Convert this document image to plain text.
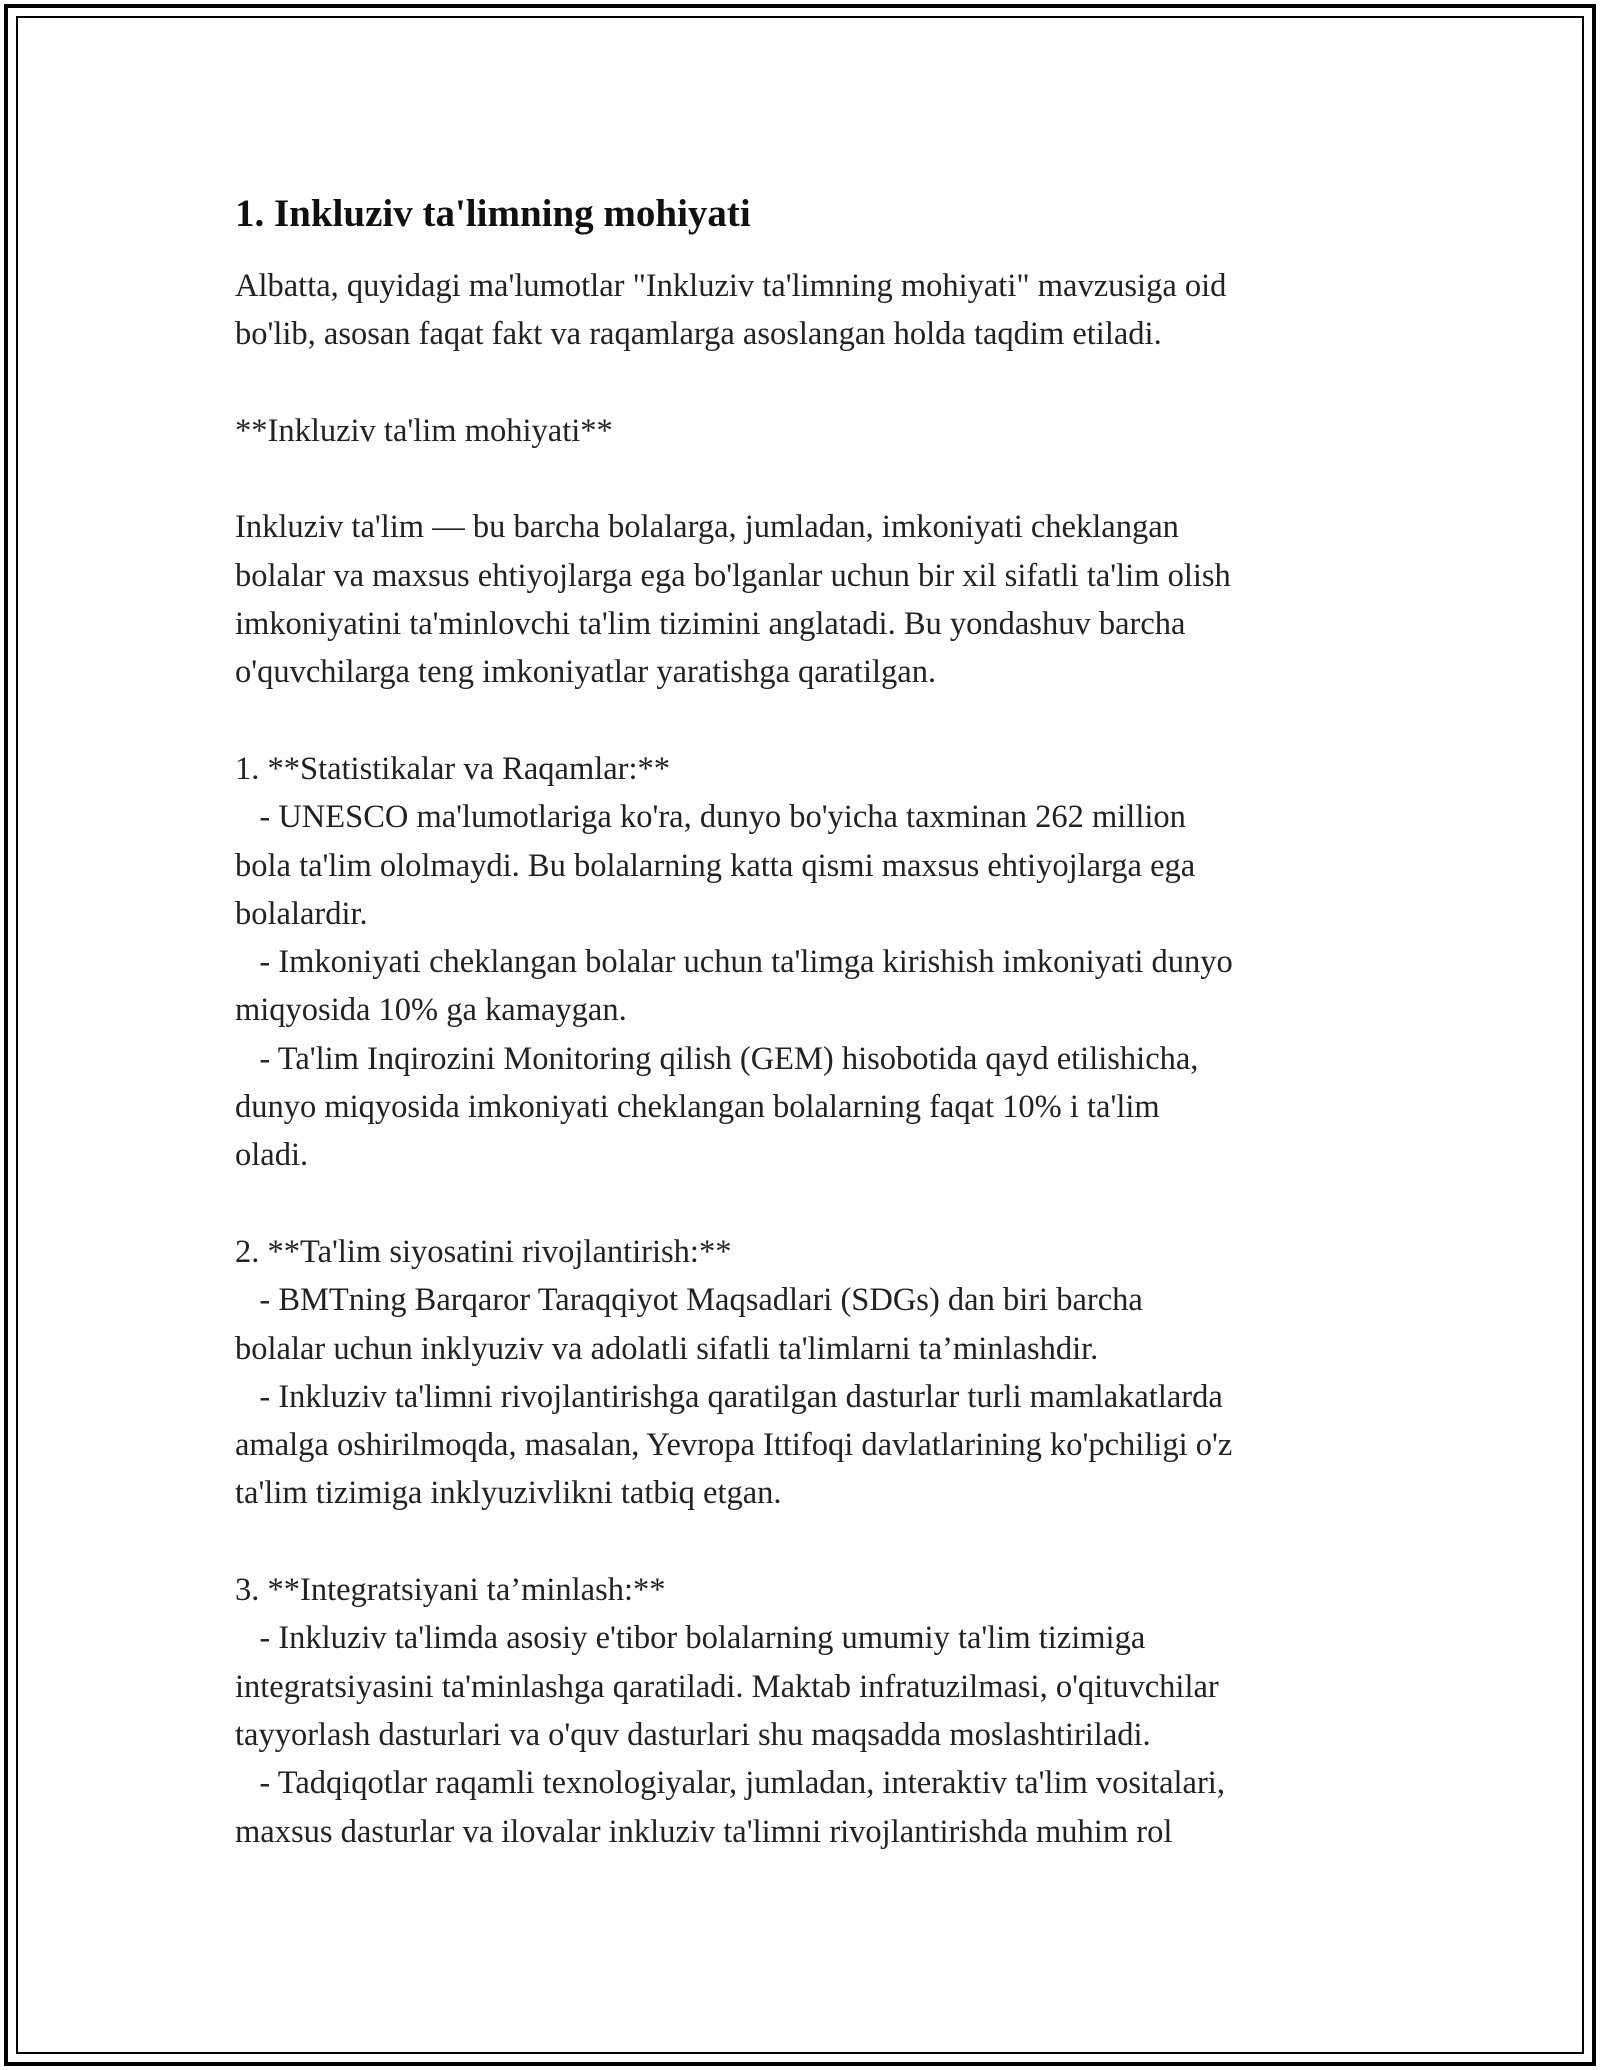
1. Inkluziv ta'limning mohiyati

Albatta, quyidagi ma'lumotlar "Inkluziv ta'limning mohiyati" mavzusiga oid
bo'lib, asosan faqat fakt va raqamlarga asoslangan holda taqdim etiladi.

**Inkluziv ta'lim mohiyati**

Inkluziv ta'lim — bu barcha bolalarga, jumladan, imkoniyati cheklangan
bolalar va maxsus ehtiyojlarga ega bo'lganlar uchun bir xil sifatli ta'lim olish
imkoniyatini ta'minlovchi ta'lim tizimini anglatadi. Bu yondashuv barcha
o'quvchilarga teng imkoniyatlar yaratishga qaratilgan.

1. **Statistikalar va Raqamlar:**
- UNESCO ma'lumotlariga ko'ra, dunyo bo'yicha taxminan 262 million
bola ta'lim ololmaydi. Bu bolalarning katta qismi maxsus ehtiyojlarga ega
bolalardir.
- Imkoniyati cheklangan bolalar uchun ta'limga kirishish imkoniyati dunyo
miqyosida 10% ga kamaygan.
- Ta'lim Inqirozini Monitoring qilish (GEM) hisobotida qayd etilishicha,
dunyo miqyosida imkoniyati cheklangan bolalarning faqat 10% i ta'lim
oladi.

2. **Ta'lim siyosatini rivojlantirish:**
- BMTning Barqaror Taraqqiyot Maqsadlari (SDGs) dan biri barcha
bolalar uchun inklyuziv va adolatli sifatli ta'limlarni ta’minlashdir.
- Inkluziv ta'limni rivojlantirishga qaratilgan dasturlar turli mamlakatlarda
amalga oshirilmoqda, masalan, Yevropa Ittifoqi davlatlarining ko'pchiligi o'z
ta'lim tizimiga inklyuzivlikni tatbiq etgan.

3. **Integratsiyani ta’minlash:**
- Inkluziv ta'limda asosiy e'tibor bolalarning umumiy ta'lim tizimiga
integratsiyasini ta'minlashga qaratiladi. Maktab infratuzilmasi, o'qituvchilar
tayyorlash dasturlari va o'quv dasturlari shu maqsadda moslashtiriladi.
- Tadqiqotlar raqamli texnologiyalar, jumladan, interaktiv ta'lim vositalari,
maxsus dasturlar va ilovalar inkluziv ta'limni rivojlantirishda muhim rol
